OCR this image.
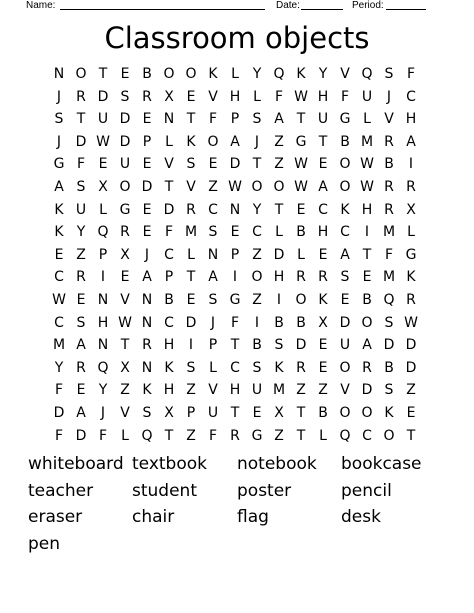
Name:	Date:	Period:
Classroom objects
N O T E B O O K L Y Q K Y V Q S F
J	R D S R X E V H L	F W H F U	J	C
S T U D E N T F P S A T U G L V H
J	D W D P L K O A	J	Z G T B M R A
G F E U E V S E D T Z W E O W B	I
A S X O D T V Z W O O W A O W R R
K U L G E D R C N Y T E C K H R X
K Y Q R E F M S E C L B H C	I M L
E Z P X	J	C L N P Z D L E A T F G
C R	I	E A P T A	I	O H R R S E M K
W E N V N B E S G Z	I	O K E B Q R
C S H W N C D	J	F	I	B B X D O S W
M A N T R H	I	P T B S D E U A D D
Y R Q X N K S L C S K R E O R B D
F E Y Z K H Z V H U M Z Z V D S Z
D A	J	V S X P U T E X T B O O K E
F D F	L Q T Z F R G Z T L Q C O T
whiteboard textbook notebook bookcase
teacher student poster	pencil
eraser	chair	flag	desk
pen
